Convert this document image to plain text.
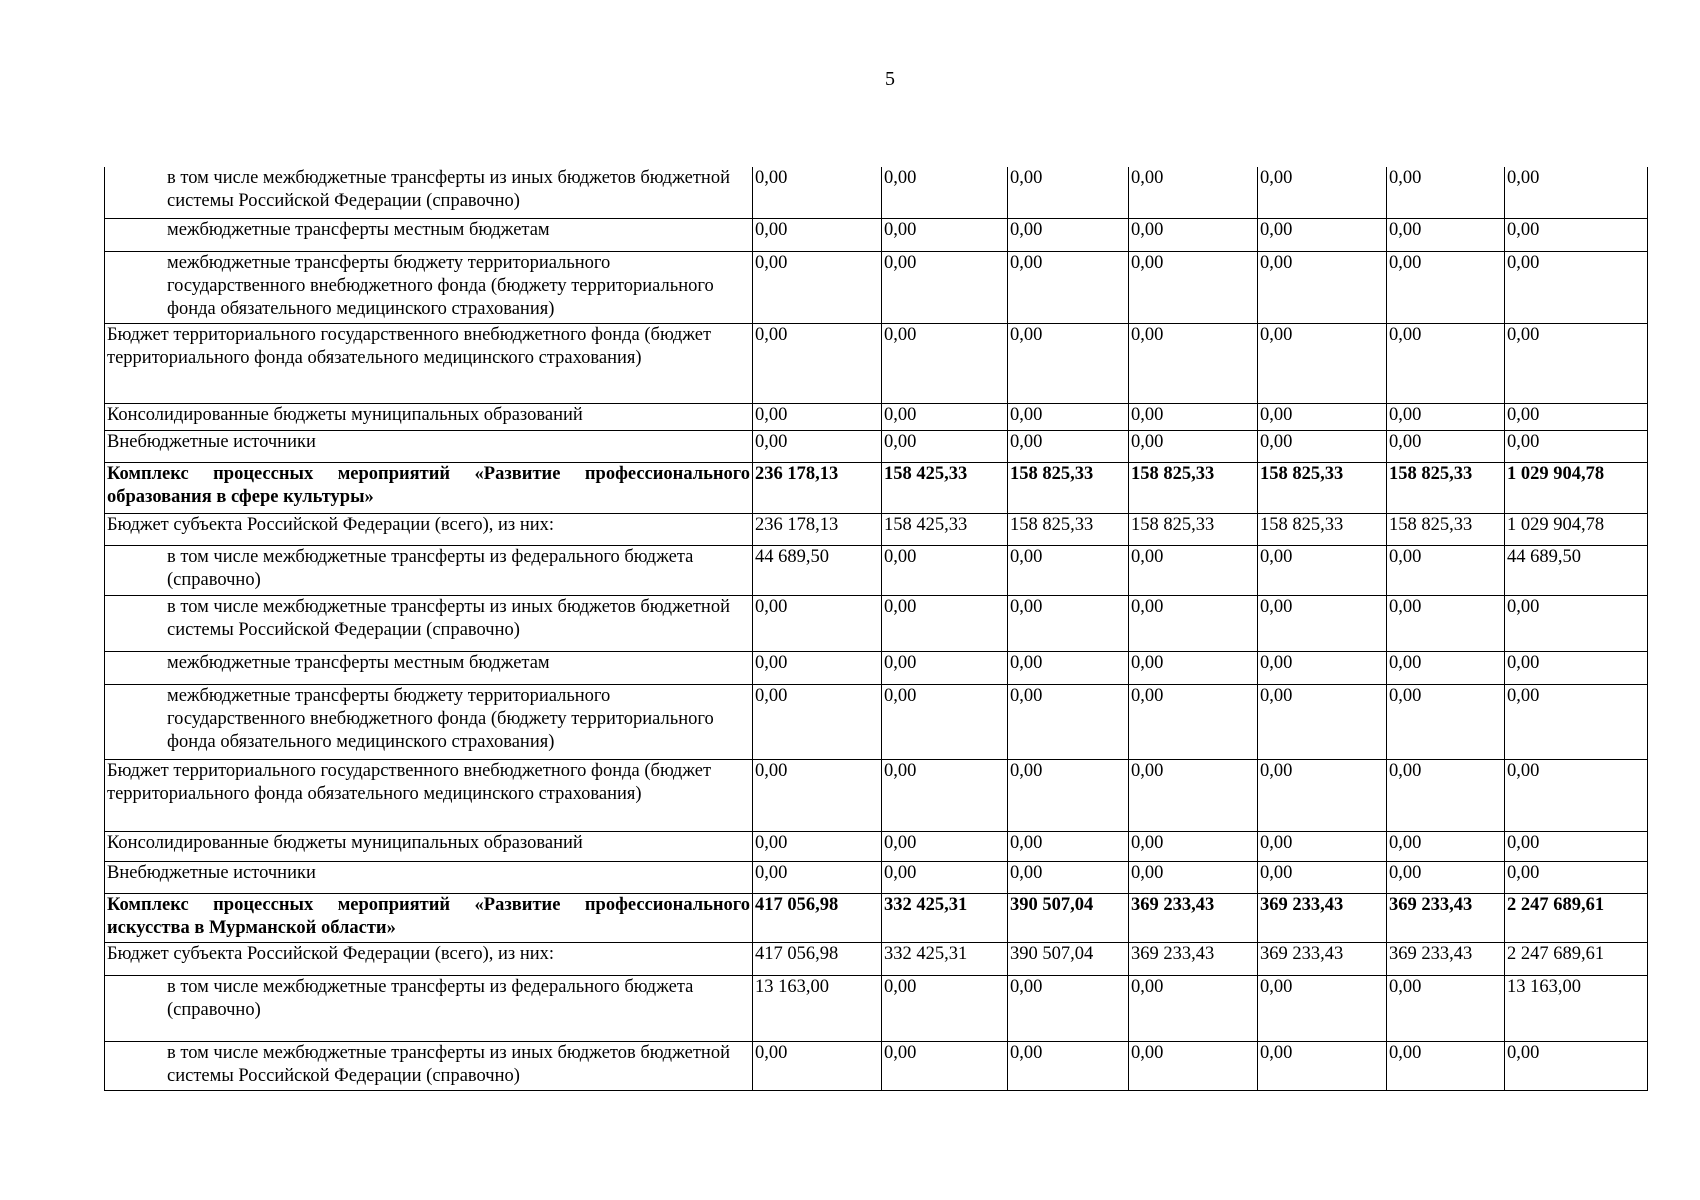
5
в том числе межбюджетные трансферты из иных бюджетов бюджетной системы Российской Федерации (справочно)	0,00	0,00	0,00	0,00	0,00	0,00	0,00
межбюджетные трансферты местным бюджетам	0,00	0,00	0,00	0,00	0,00	0,00	0,00
межбюджетные трансферты бюджету территориального государственного внебюджетного фонда (бюджету территориального фонда обязательного медицинского страхования)	0,00	0,00	0,00	0,00	0,00	0,00	0,00
Бюджет территориального государственного внебюджетного фонда (бюджет территориального фонда обязательного медицинского страхования)	0,00	0,00	0,00	0,00	0,00	0,00	0,00
Консолидированные бюджеты муниципальных образований	0,00	0,00	0,00	0,00	0,00	0,00	0,00
Внебюджетные источники	0,00	0,00	0,00	0,00	0,00	0,00	0,00
Комплекс процессных мероприятий «Развитие профессионального образования в сфере культуры»	236 178,13	158 425,33	158 825,33	158 825,33	158 825,33	158 825,33	1 029 904,78
Бюджет субъекта Российской Федерации (всего), из них:	236 178,13	158 425,33	158 825,33	158 825,33	158 825,33	158 825,33	1 029 904,78
в том числе межбюджетные трансферты из федерального бюджета (справочно)	44 689,50	0,00	0,00	0,00	0,00	0,00	44 689,50
в том числе межбюджетные трансферты из иных бюджетов бюджетной системы Российской Федерации (справочно)	0,00	0,00	0,00	0,00	0,00	0,00	0,00
межбюджетные трансферты местным бюджетам	0,00	0,00	0,00	0,00	0,00	0,00	0,00
межбюджетные трансферты бюджету территориального государственного внебюджетного фонда (бюджету территориального фонда обязательного медицинского страхования)	0,00	0,00	0,00	0,00	0,00	0,00	0,00
Бюджет территориального государственного внебюджетного фонда (бюджет территориального фонда обязательного медицинского страхования)	0,00	0,00	0,00	0,00	0,00	0,00	0,00
Консолидированные бюджеты муниципальных образований	0,00	0,00	0,00	0,00	0,00	0,00	0,00
Внебюджетные источники	0,00	0,00	0,00	0,00	0,00	0,00	0,00
Комплекс процессных мероприятий «Развитие профессионального искусства в Мурманской области»	417 056,98	332 425,31	390 507,04	369 233,43	369 233,43	369 233,43	2 247 689,61
Бюджет субъекта Российской Федерации (всего), из них:	417 056,98	332 425,31	390 507,04	369 233,43	369 233,43	369 233,43	2 247 689,61
в том числе межбюджетные трансферты из федерального бюджета (справочно)	13 163,00	0,00	0,00	0,00	0,00	0,00	13 163,00
в том числе межбюджетные трансферты из иных бюджетов бюджетной системы Российской Федерации (справочно)	0,00	0,00	0,00	0,00	0,00	0,00	0,00
